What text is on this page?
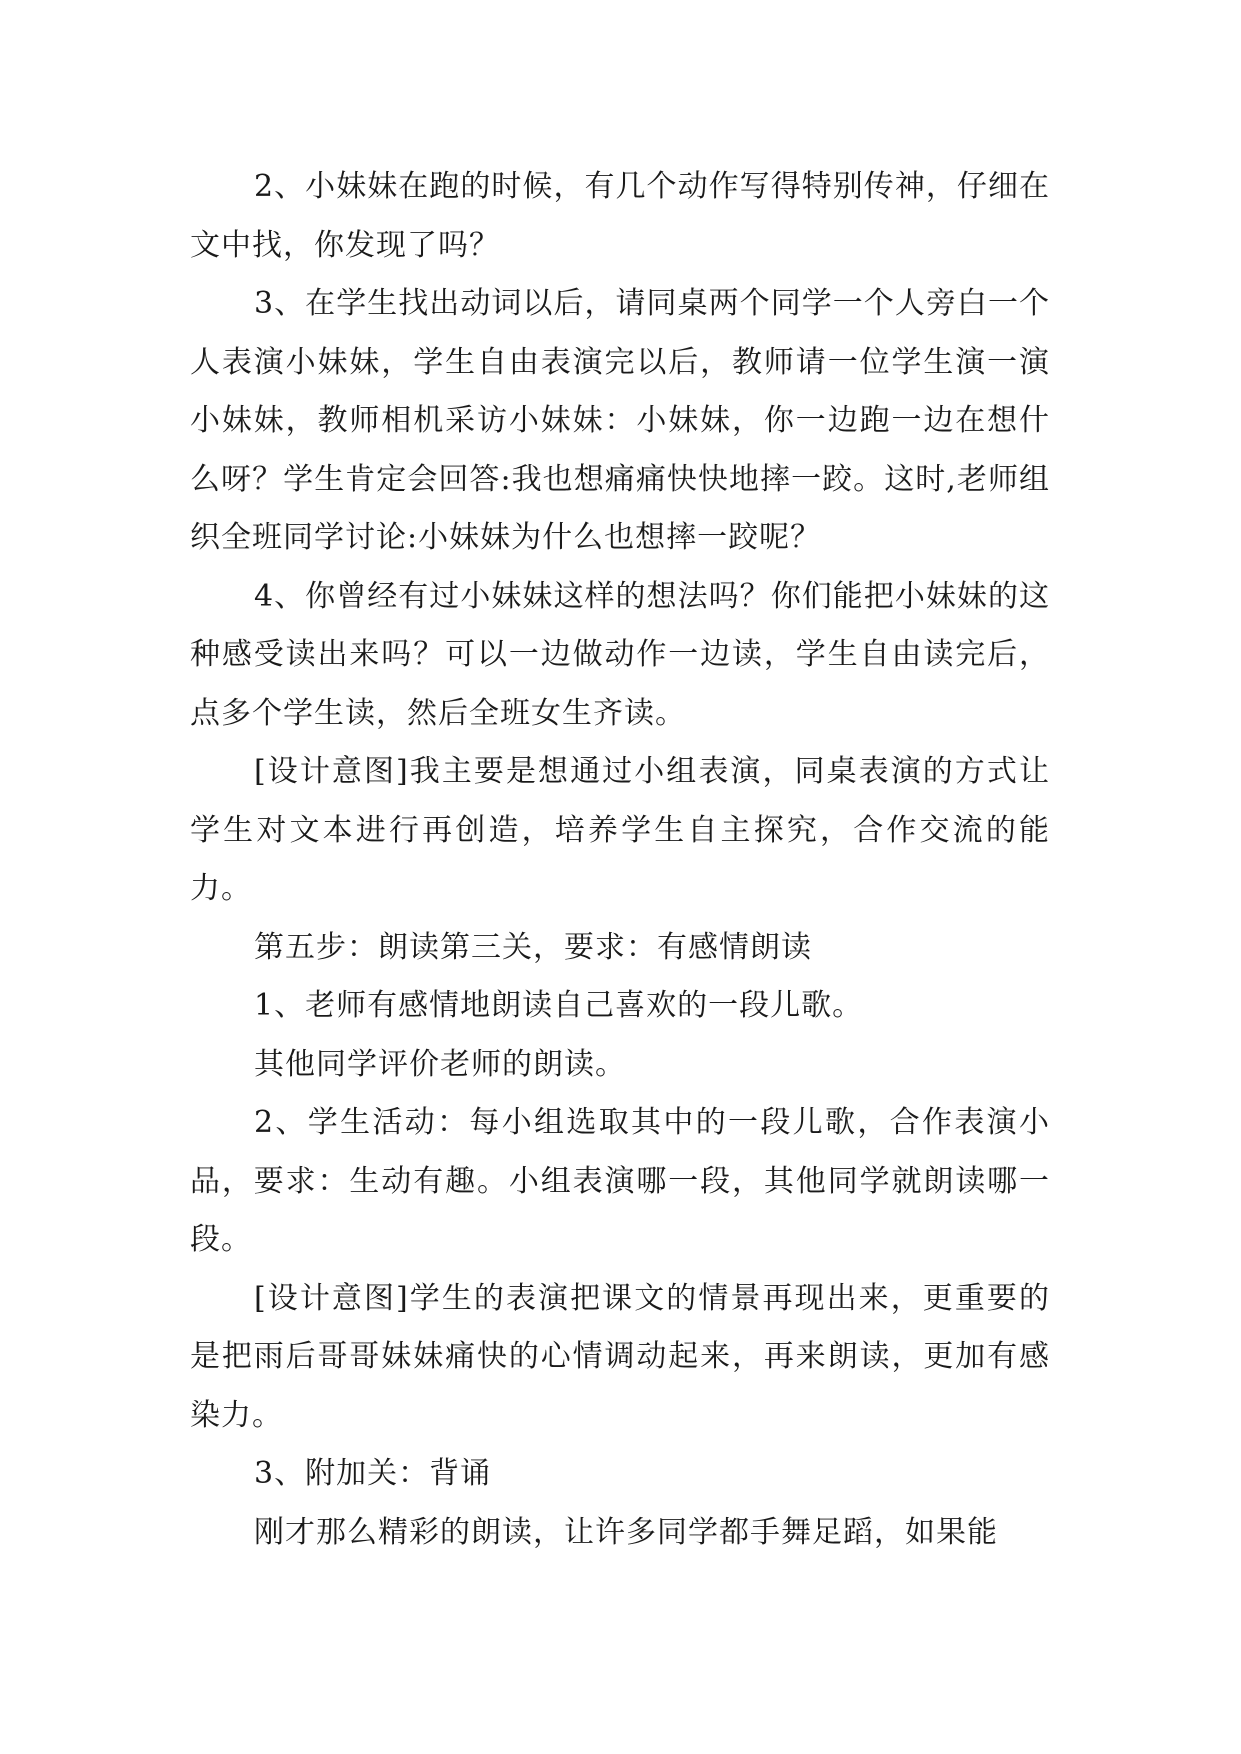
2、小妹妹在跑的时候，有几个动作写得特别传神，仔细在文中找，你发现了吗？

3、在学生找出动词以后，请同桌两个同学一个人旁白一个人表演小妹妹，学生自由表演完以后，教师请一位学生演一演小妹妹，教师相机采访小妹妹：小妹妹，你一边跑一边在想什么呀？学生肯定会回答:我也想痛痛快快地摔一跤。这时,老师组织全班同学讨论:小妹妹为什么也想摔一跤呢？

4、你曾经有过小妹妹这样的想法吗？你们能把小妹妹的这种感受读出来吗？可以一边做动作一边读，学生自由读完后，点多个学生读，然后全班女生齐读。

[设计意图]我主要是想通过小组表演，同桌表演的方式让学生对文本进行再创造，培养学生自主探究，合作交流的能力。

第五步：朗读第三关，要求：有感情朗读

1、老师有感情地朗读自己喜欢的一段儿歌。

其他同学评价老师的朗读。

2、学生活动：每小组选取其中的一段儿歌，合作表演小品，要求：生动有趣。小组表演哪一段，其他同学就朗读哪一段。

[设计意图]学生的表演把课文的情景再现出来，更重要的是把雨后哥哥妹妹痛快的心情调动起来，再来朗读，更加有感染力。

3、附加关：背诵

刚才那么精彩的朗读，让许多同学都手舞足蹈，如果能
